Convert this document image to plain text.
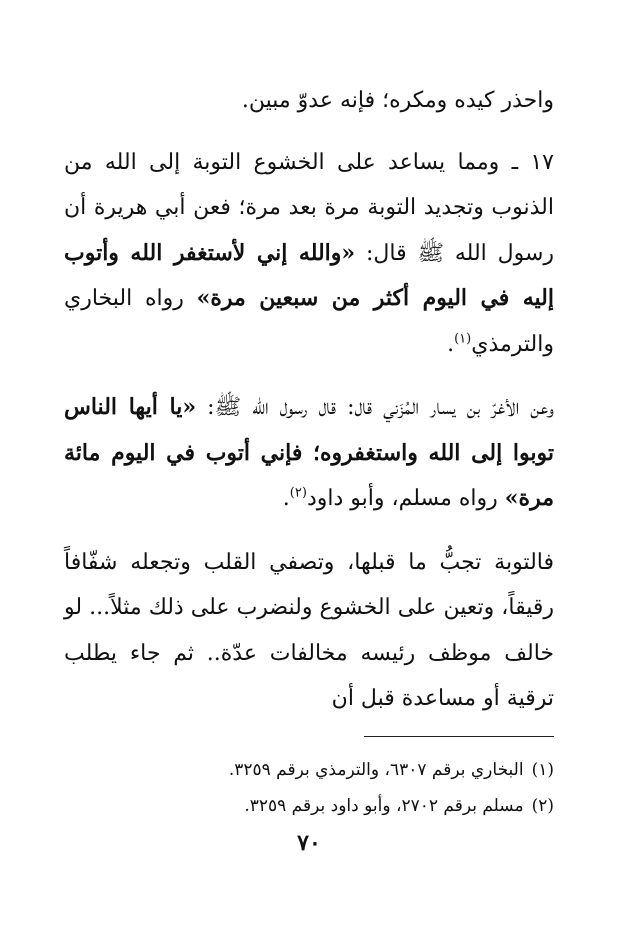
واحذر كيده ومكره؛ فإنه عدوّ مبين.

١٧ ـ ومما يساعد على الخشوع التوبة إلى الله من الذنوب وتجديد التوبة مرة بعد مرة؛ فعن أبي هريرة أن رسول الله ﷺ قال: «والله إني لأستغفر الله وأتوب إليه في اليوم أكثر من سبعين مرة» رواه البخاري والترمذي$^{(١)}$.

وعن الأغرّ بن يسار المُزَني قال: قال رسول الله ﷺ: «يا أيها الناس توبوا إلى الله واستغفروه؛ فإني أتوب في اليوم مائة مرة» رواه مسلم، وأبو داود$^{(٢)}$.

فالتوبة تجبُّ ما قبلها، وتصفي القلب وتجعله شفّافاً رقيقاً، وتعين على الخشوع ولنضرب على ذلك مثلاً... لو خالف موظف رئيسه مخالفات عدّة.. ثم جاء يطلب ترقية أو مساعدة قبل أن

(١)البخاري برقم ٦٣٠٧، والترمذي برقم ٣٢٥٩.
(٢)مسلم برقم ٢٧٠٢، وأبو داود برقم ٣٢٥٩.
٧٠
